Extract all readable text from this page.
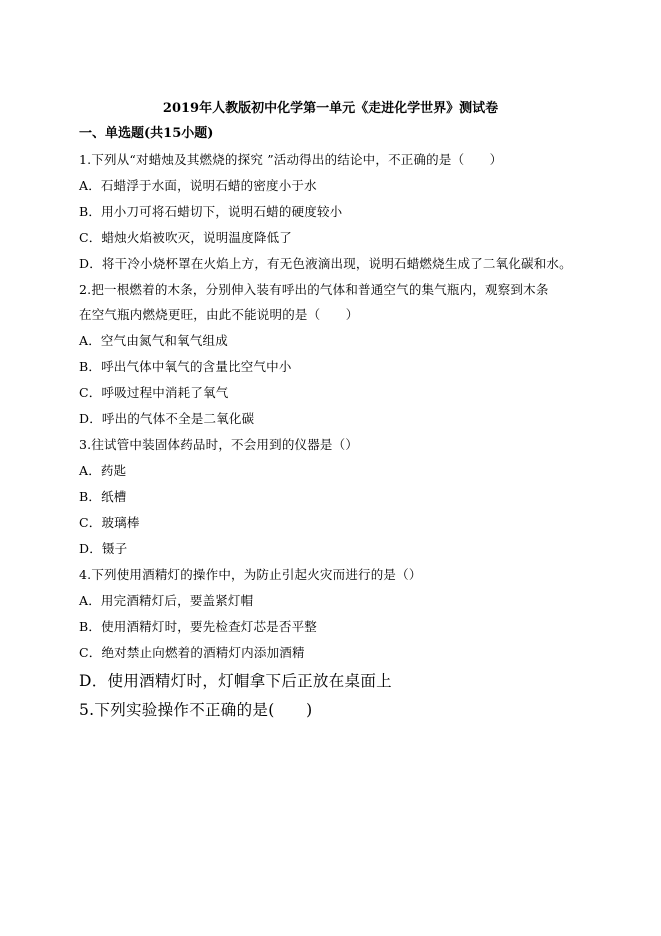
2019年人教版初中化学第一单元《走进化学世界》测试卷
一、单选题(共15小题)
1.下列从“对蜡烛及其燃烧的探究 ”活动得出的结论中，不正确的是（　　）
A．石蜡浮于水面，说明石蜡的密度小于水
B．用小刀可将石蜡切下，说明石蜡的硬度较小
C．蜡烛火焰被吹灭，说明温度降低了
D．将干冷小烧杯罩在火焰上方，有无色液滴出现，说明石蜡燃烧生成了二氧化碳和水。
2.把一根燃着的木条，分别伸入装有呼出的气体和普通空气的集气瓶内，观察到木条
在空气瓶内燃烧更旺，由此不能说明的是（　　）
A．空气由氮气和氧气组成
B．呼出气体中氧气的含量比空气中小
C．呼吸过程中消耗了氧气
D．呼出的气体不全是二氧化碳
3.往试管中装固体药品时，不会用到的仪器是（）
A．药匙
B．纸槽
C．玻璃棒
D．镊子
4.下列使用酒精灯的操作中，为防止引起火灾而进行的是（）
A．用完酒精灯后，要盖紧灯帽
B．使用酒精灯时，要先检查灯芯是否平整
C．绝对禁止向燃着的酒精灯内添加酒精
D．使用酒精灯时，灯帽拿下后正放在桌面上
5.下列实验操作不正确的是(　　)
